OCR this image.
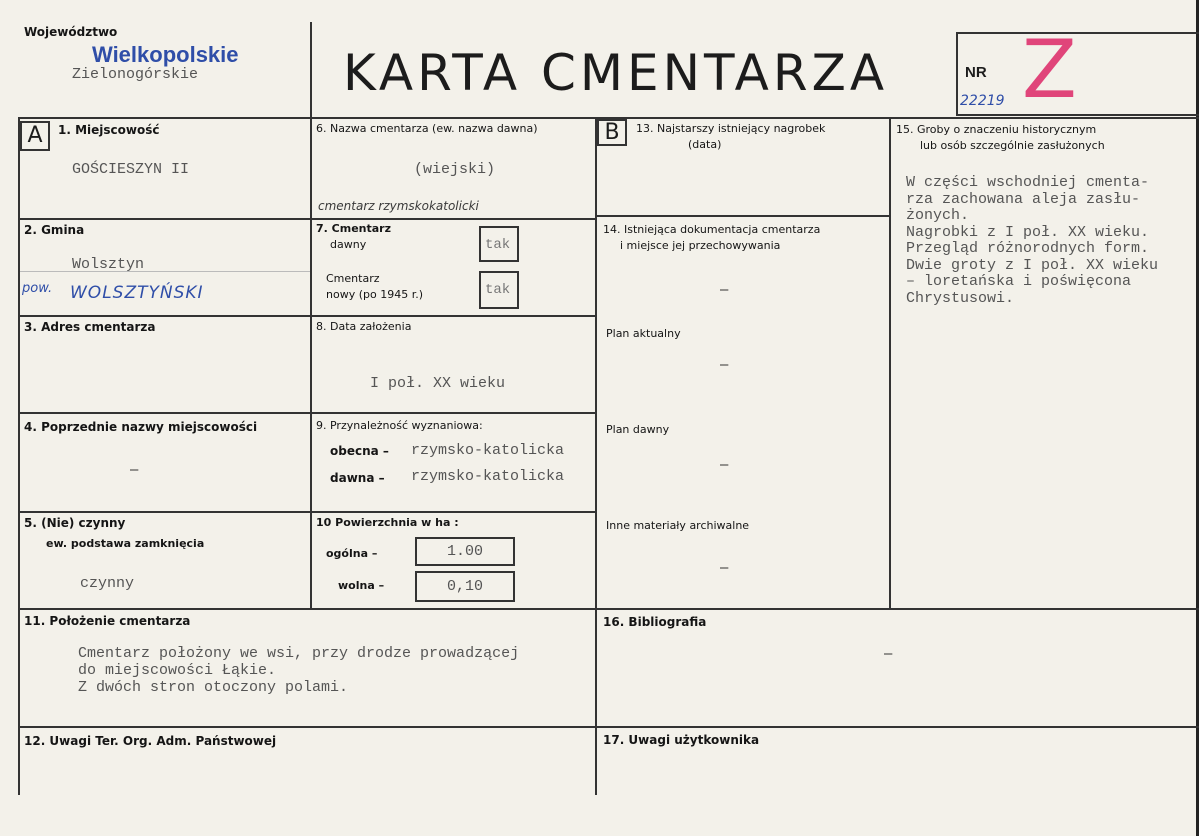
Województwo
Wielkopolskie
Zielonogórskie	KARTA CMENTARZA	NR Z
22219
A	B
1. Miejscowość
GOŚCIESZYN II
2. Gmina
Wolsztyn
pow. WOLSZTYŃSKI
3. Adres cmentarza
4. Poprzednie nazwy miejscowości
–
5. (Nie) czynny
ew. podstawa zamknięcia
czynny
6. Nazwa cmentarza (ew. nazwa dawna)
(wiejski)
cmentarz rzymskokatolicki
7. Cmentarz
dawny	tak
Cmentarz
nowy (po 1945 r.)	tak
8. Data założenia
I poł. XX wieku
9. Przynależność wyznaniowa:
obecna – rzymsko-katolicka
dawna – rzymsko-katolicka
10 Powierzchnia w ha :
ogólna –	1.00
wolna –	0,10
11. Położenie cmentarza
Cmentarz położony we wsi, przy drodze prowadzącej
do miejscowości Łąkie.
Z dwóch stron otoczony polami.
12. Uwagi Ter. Org. Adm. Państwowej
13. Najstarszy istniejący nagrobek
(data)
14. Istniejąca dokumentacja cmentarza
i miejsce jej przechowywania
–
Plan aktualny
–
Plan dawny
–
Inne materiały archiwalne
–
15. Groby o znaczeniu historycznym
lub osób szczególnie zasłużonych
W części wschodniej cmenta-
rza zachowana aleja zasłu-
żonych.
Nagrobki z I poł. XX wieku.
Przegląd różnorodnych form.
Dwie groty z I poł. XX wieku
– loretańska i poświęcona
Chrystusowi.
16. Bibliografia
–
17. Uwagi użytkownika
